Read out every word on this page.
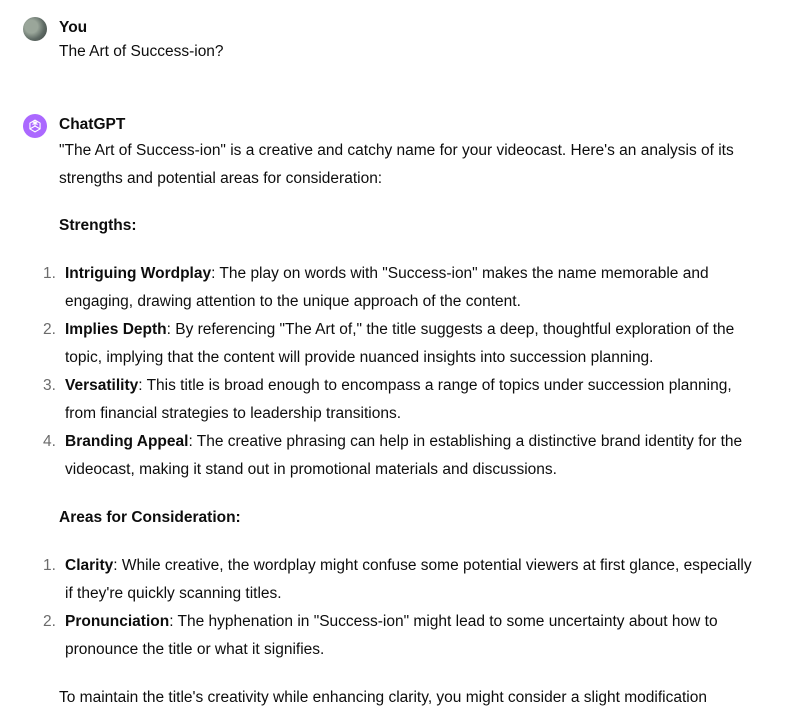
You
The Art of Success-ion?
ChatGPT
"The Art of Success-ion" is a creative and catchy name for your videocast. Here's an analysis of its strengths and potential areas for consideration:
Strengths:
1. Intriguing Wordplay: The play on words with "Success-ion" makes the name memorable and engaging, drawing attention to the unique approach of the content.
2. Implies Depth: By referencing "The Art of," the title suggests a deep, thoughtful exploration of the topic, implying that the content will provide nuanced insights into succession planning.
3. Versatility: This title is broad enough to encompass a range of topics under succession planning, from financial strategies to leadership transitions.
4. Branding Appeal: The creative phrasing can help in establishing a distinctive brand identity for the videocast, making it stand out in promotional materials and discussions.
Areas for Consideration:
1. Clarity: While creative, the wordplay might confuse some potential viewers at first glance, especially if they're quickly scanning titles.
2. Pronunciation: The hyphenation in "Success-ion" might lead to some uncertainty about how to pronounce the title or what it signifies.
To maintain the title's creativity while enhancing clarity, you might consider a slight modification
